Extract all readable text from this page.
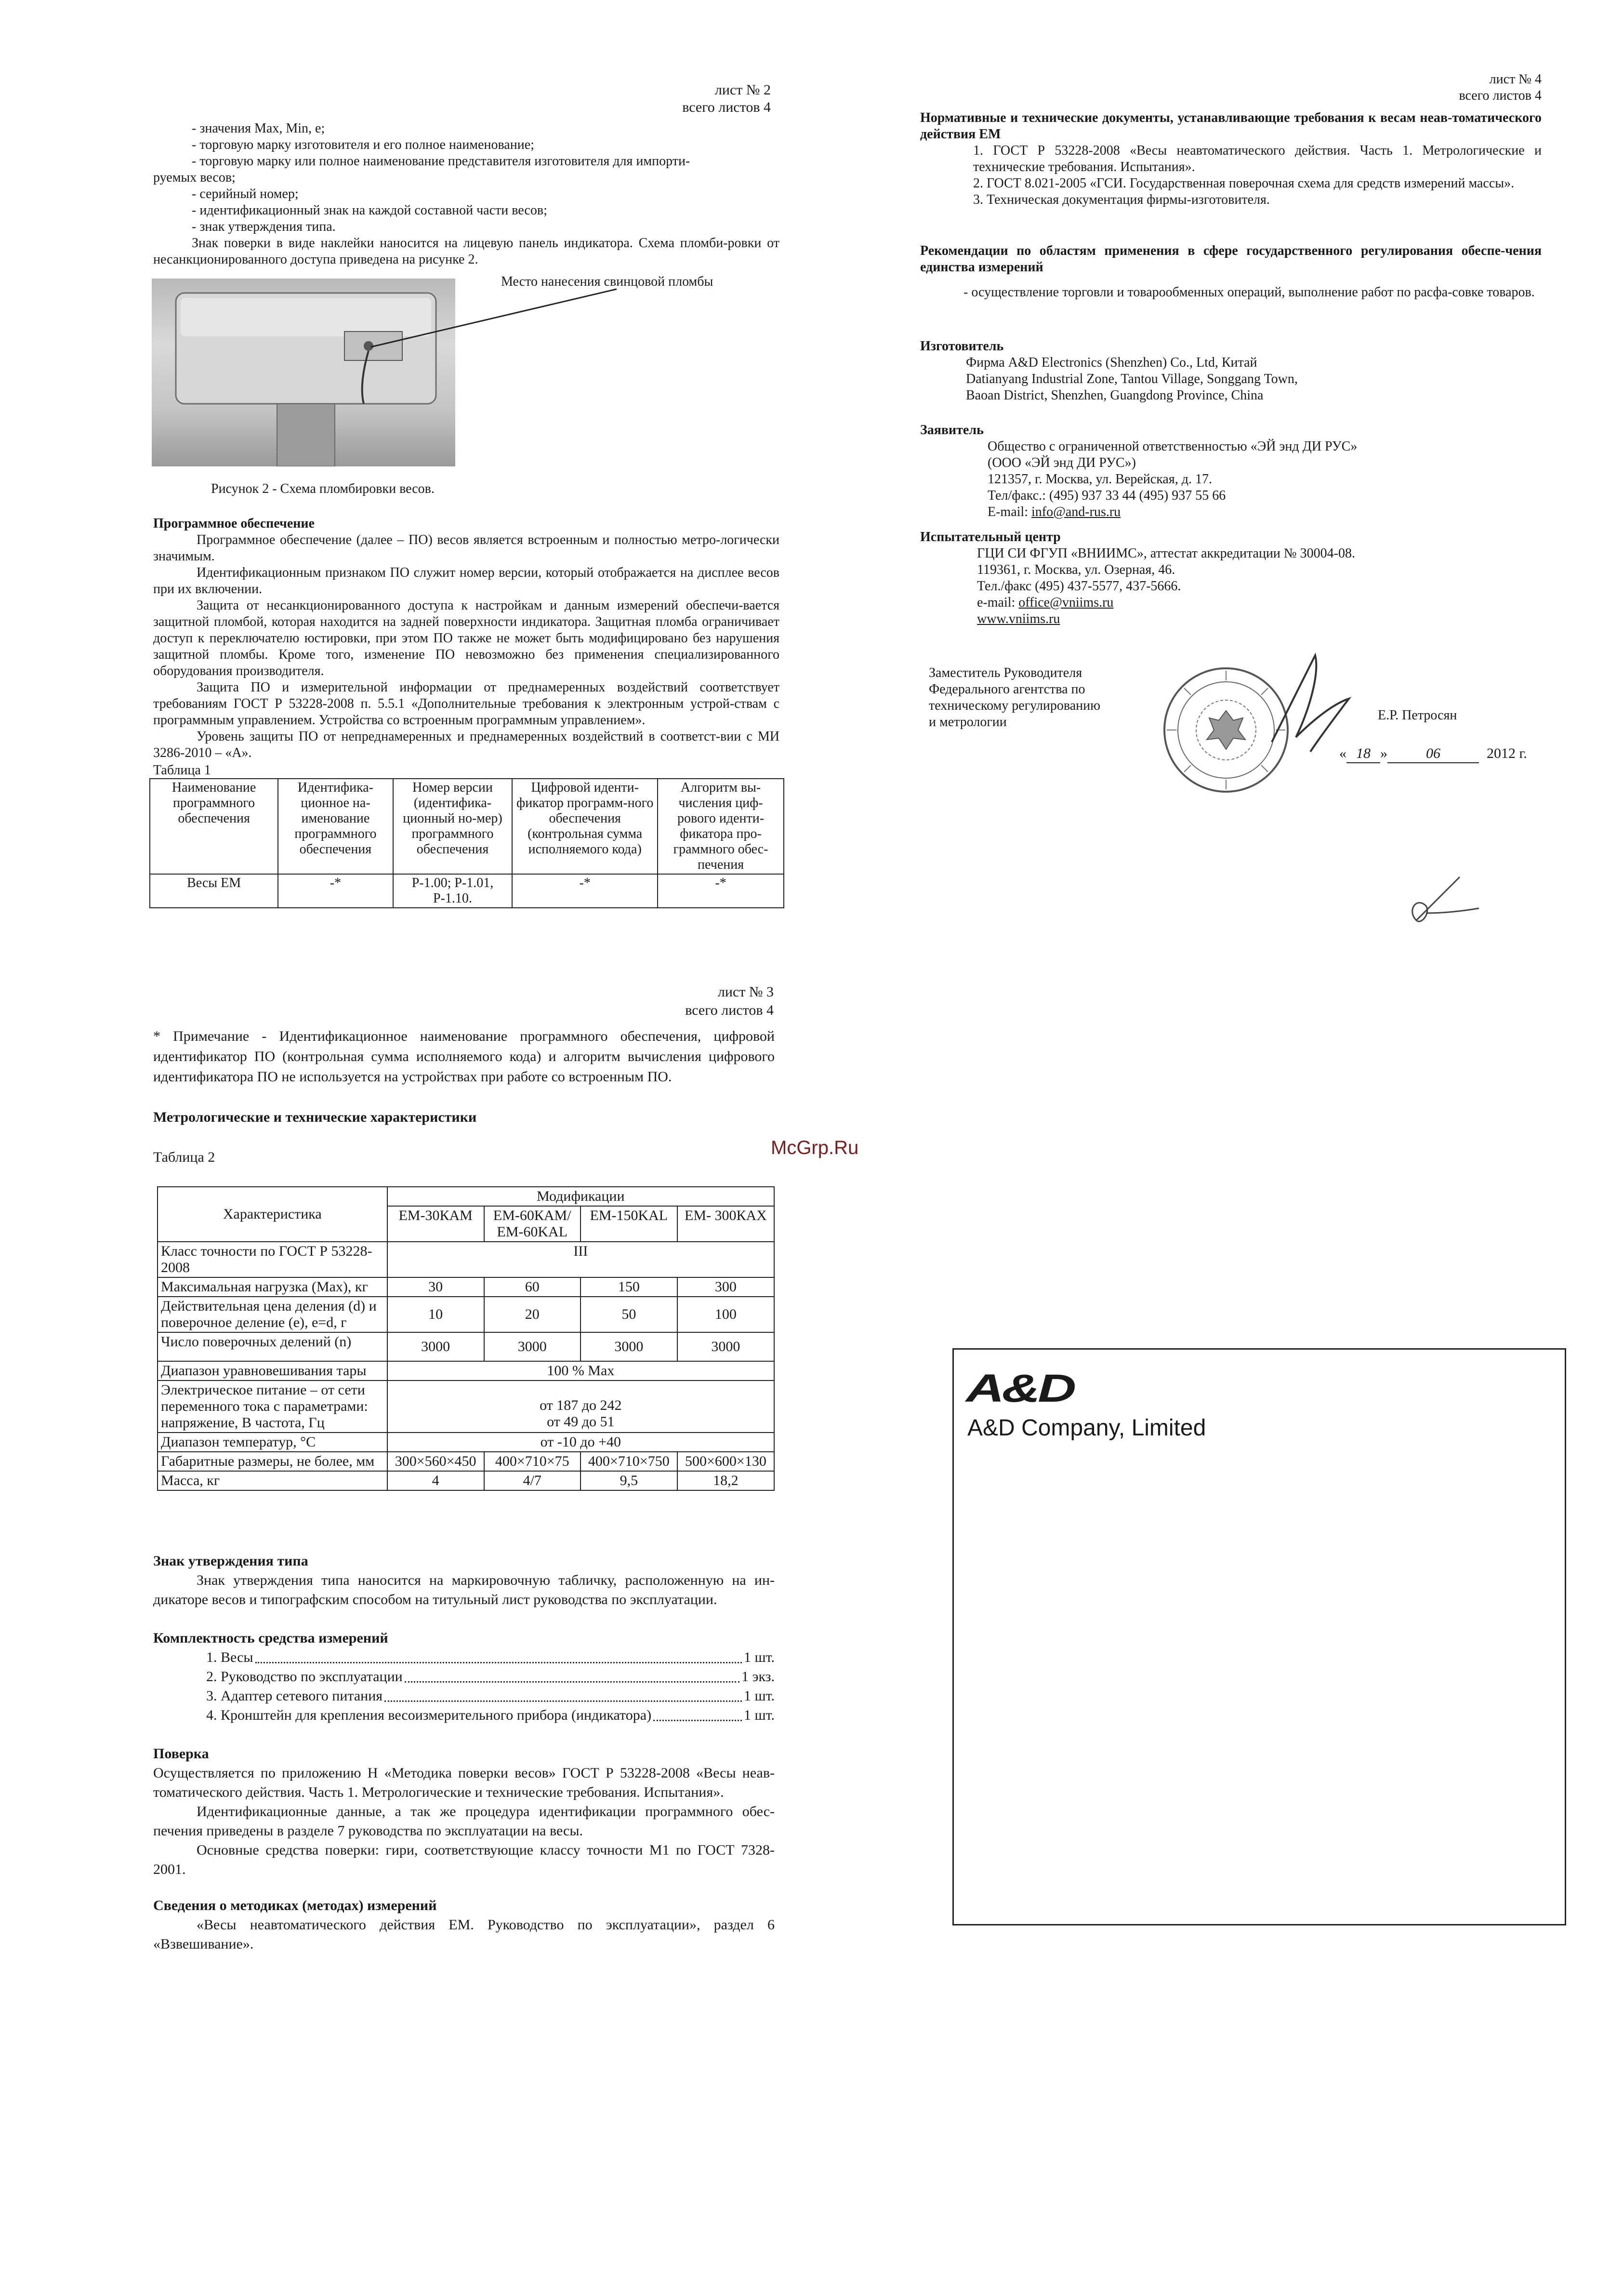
лист № 2
всего листов 4

- значения Max, Min, e;

- торговую марку изготовителя и его полное наименование;

- торговую марку или полное наименование представителя изготовителя для импорти-

руемых весов;

- серийный номер;

- идентификационный знак на каждой составной части весов;

- знак утверждения типа.

Знак поверки в виде наклейки наносится на лицевую панель индикатора. Схема пломби-ровки от несанкционированного доступа приведена на рисунке 2.

Место нанесения свинцовой пломбы
Рисунок 2 - Схема пломбировки весов.

Программное обеспечение

Программное обеспечение (далее – ПО) весов является встроенным и полностью метро-логически значимым.

Идентификационным признаком ПО служит номер версии, который отображается на дисплее весов при их включении.

Защита от несанкционированного доступа к настройкам и данным измерений обеспечи-вается защитной пломбой, которая находится на задней поверхности индикатора. Защитная пломба ограничивает доступ к переключателю юстировки, при этом ПО также не может быть модифицировано без нарушения защитной пломбы. Кроме того, изменение ПО невозможно без применения специализированного оборудования производителя.

Защита ПО и измерительной информации от преднамеренных воздействий соответствует требованиям ГОСТ Р 53228-2008 п. 5.5.1 «Дополнительные требования к электронным устрой-ствам с программным управлением. Устройства со встроенным программным управлением».

Уровень защиты ПО от непреднамеренных и преднамеренных воздействий в соответст-вии с МИ 3286-2010 – «А».

Таблица 1
Наименование программного обеспечения	Идентифика-ционное на-именование программного обеспечения	Номер версии (идентифика-ционный но-мер) программного обеспечения	Цифровой иденти-фикатор программ-ного обеспечения (контрольная сумма исполняемого кода)	Алгоритм вы-числения циф-рового иденти-фикатора про-граммного обес-печения
Весы ЕМ	-*	Р-1.00; Р-1.01, Р-1.10.	-*	-*
лист № 3
всего листов 4
* Примечание - Идентификационное наименование программного обеспечения, цифровой идентификатор ПО (контрольная сумма исполняемого кода) и алгоритм вычисления цифрового идентификатора ПО не используется на устройствах при работе со встроенным ПО.
Метрологические и технические характеристики
Таблица 2
Характеристика	Модификации			
	ЕМ-30КАМ	ЕМ-60КАМ/ ЕМ-60KAL	ЕМ-150KAL	ЕМ- 300КАХ
Класс точности по ГОСТ Р 53228-2008	III			
Максимальная нагрузка (Max), кг	30	60	150	300
Действительная цена деления (d) и поверочное деление (e), e=d, г	10	20	50	100
Число поверочных делений (n)	3000	3000	3000	3000
Диапазон уравновешивания тары	100 % Max			
Электрическое питание – от сети переменного тока с параметрами: напряжение, В частота, Гц	от 187 до 242
от 49 до 51			

Диапазон температур, °С	от -10 до +40			
Габаритные размеры, не более, мм	300×560×450	400×710×75	400×710×750	500×600×130
Масса, кг	4	4/7	9,5	18,2

Знак утверждения типа

Знак утверждения типа наносится на маркировочную табличку, расположенную на ин-дикаторе весов и типографским способом на титульный лист руководства по эксплуатации.

Комплектность средства измерений

1. Весы	1 шт.
2. Руководство по эксплуатации	1 экз.
3. Адаптер сетевого питания	1 шт.
4. Кронштейн для крепления весоизмерительного прибора (индикатора)	1 шт.

Поверка

Осуществляется по приложению Н «Методика поверки весов» ГОСТ Р 53228-2008 «Весы неав-томатического действия. Часть 1. Метрологические и технические требования. Испытания».

Идентификационные данные, а так же процедура идентификации программного обес-печения приведены в разделе 7 руководства по эксплуатации на весы.

Основные средства поверки: гири, соответствующие классу точности M1 по ГОСТ 7328-2001.

Сведения о методиках (методах) измерений

«Весы неавтоматического действия ЕМ. Руководство по эксплуатации», раздел 6 «Взвешивание».

лист № 4
всего листов 4

Нормативные и технические документы, устанавливающие требования к весам неав-томатического действия ЕМ

1. ГОСТ Р 53228-2008 «Весы неавтоматического действия. Часть 1. Метрологические и технические требования. Испытания».

2. ГОСТ 8.021-2005 «ГСИ. Государственная поверочная схема для средств измерений массы».

3. Техническая документация фирмы-изготовителя.

Рекомендации по областям применения в сфере государственного регулирования обеспе-чения единства измерений

- осуществление торговли и товарообменных операций, выполнение работ по расфа-совке товаров.

Изготовитель

Фирма A&D Electronics (Shenzhen) Co., Ltd, Китай

Datianyang Industrial Zone, Tantou Village, Songgang Town,

Baoan District, Shenzhen, Guangdong Province, China

Заявитель

Общество с ограниченной ответственностью «ЭЙ энд ДИ РУС»

(ООО «ЭЙ энд ДИ РУС»)

121357, г. Москва, ул. Верейская, д. 17.

Тел/факс.: (495) 937 33 44 (495) 937 55 66

E-mail: info@and-rus.ru

Испытательный центр

ГЦИ СИ ФГУП «ВНИИМС», аттестат аккредитации № 30004-08.

119361, г. Москва, ул. Озерная, 46.

Тел./факс (495) 437-5577, 437-5666.

e-mail: office@vniims.ru

www.vniims.ru

Заместитель Руководителя

Федерального агентства по

техническому регулированию

и метрологии	Е.Р. Петросян
« 18 »	06	2012 г.
McGrp.Ru
A&D
A&D Company, Limited
